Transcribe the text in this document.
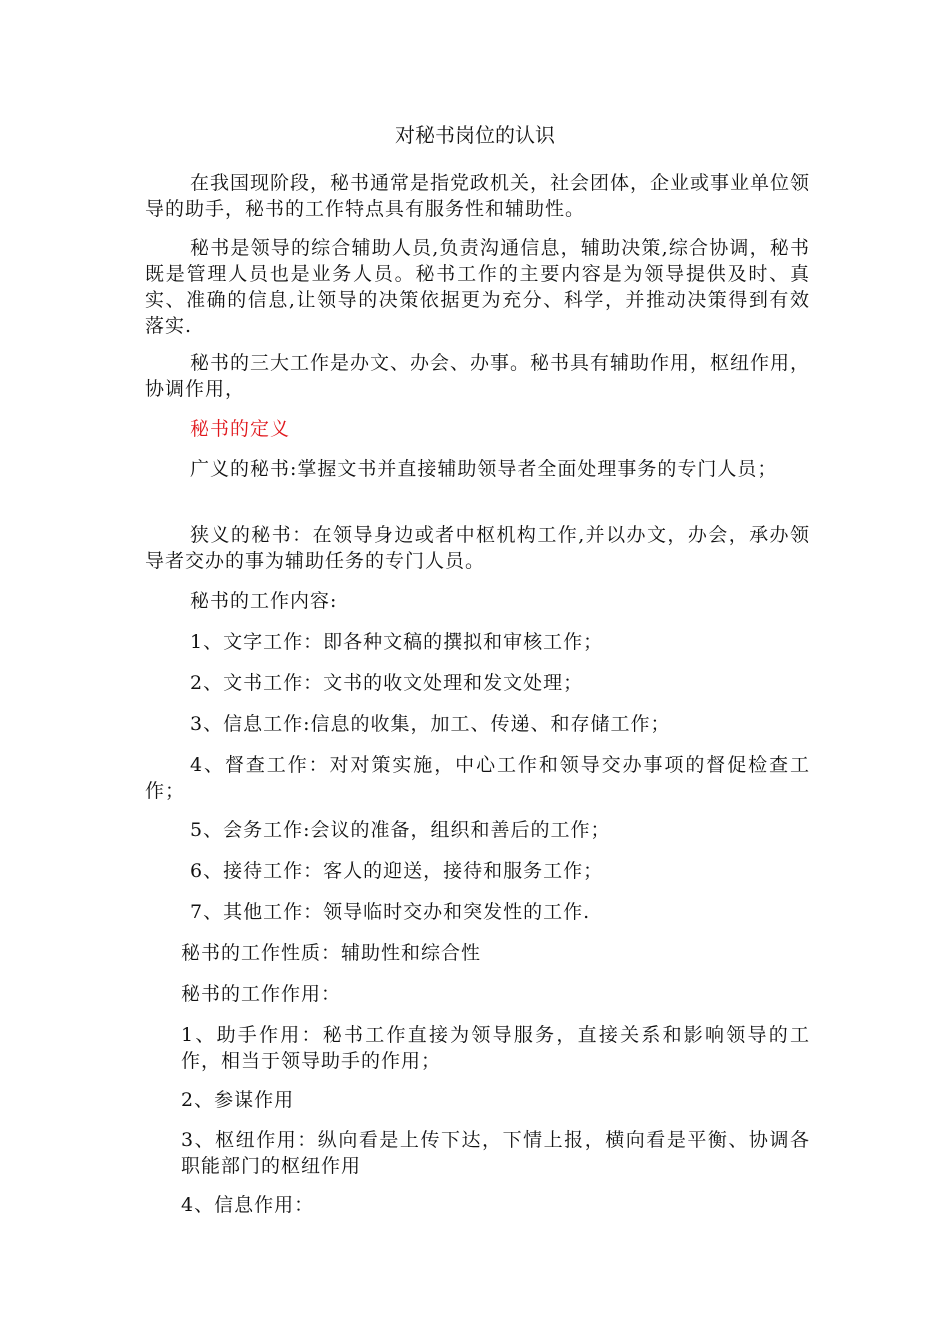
对秘书岗位的认识

在我国现阶段，秘书通常是指党政机关，社会团体，企业或事业单位领导的助手，秘书的工作特点具有服务性和辅助性。

秘书是领导的综合辅助人员,负责沟通信息，辅助决策,综合协调，秘书既是管理人员也是业务人员。秘书工作的主要内容是为领导提供及时、真实、准确的信息,让领导的决策依据更为充分、科学，并推动决策得到有效落实.

秘书的三大工作是办文、办会、办事。秘书具有辅助作用，枢纽作用，协调作用，

秘书的定义

广义的秘书:掌握文书并直接辅助领导者全面处理事务的专门人员；

狭义的秘书：在领导身边或者中枢机构工作,并以办文，办会，承办领导者交办的事为辅助任务的专门人员。

秘书的工作内容:

1、文字工作：即各种文稿的撰拟和审核工作；

2、文书工作：文书的收文处理和发文处理；

3、信息工作:信息的收集，加工、传递、和存储工作；

4、督查工作：对对策实施，中心工作和领导交办事项的督促检查工作；

5、会务工作:会议的准备，组织和善后的工作；

6、接待工作：客人的迎送，接待和服务工作；

7、其他工作：领导临时交办和突发性的工作.

秘书的工作性质：辅助性和综合性

秘书的工作作用：

1、助手作用：秘书工作直接为领导服务，直接关系和影响领导的工作，相当于领导助手的作用；

2、参谋作用

3、枢纽作用：纵向看是上传下达，下情上报，横向看是平衡、协调各职能部门的枢纽作用

4、信息作用：
